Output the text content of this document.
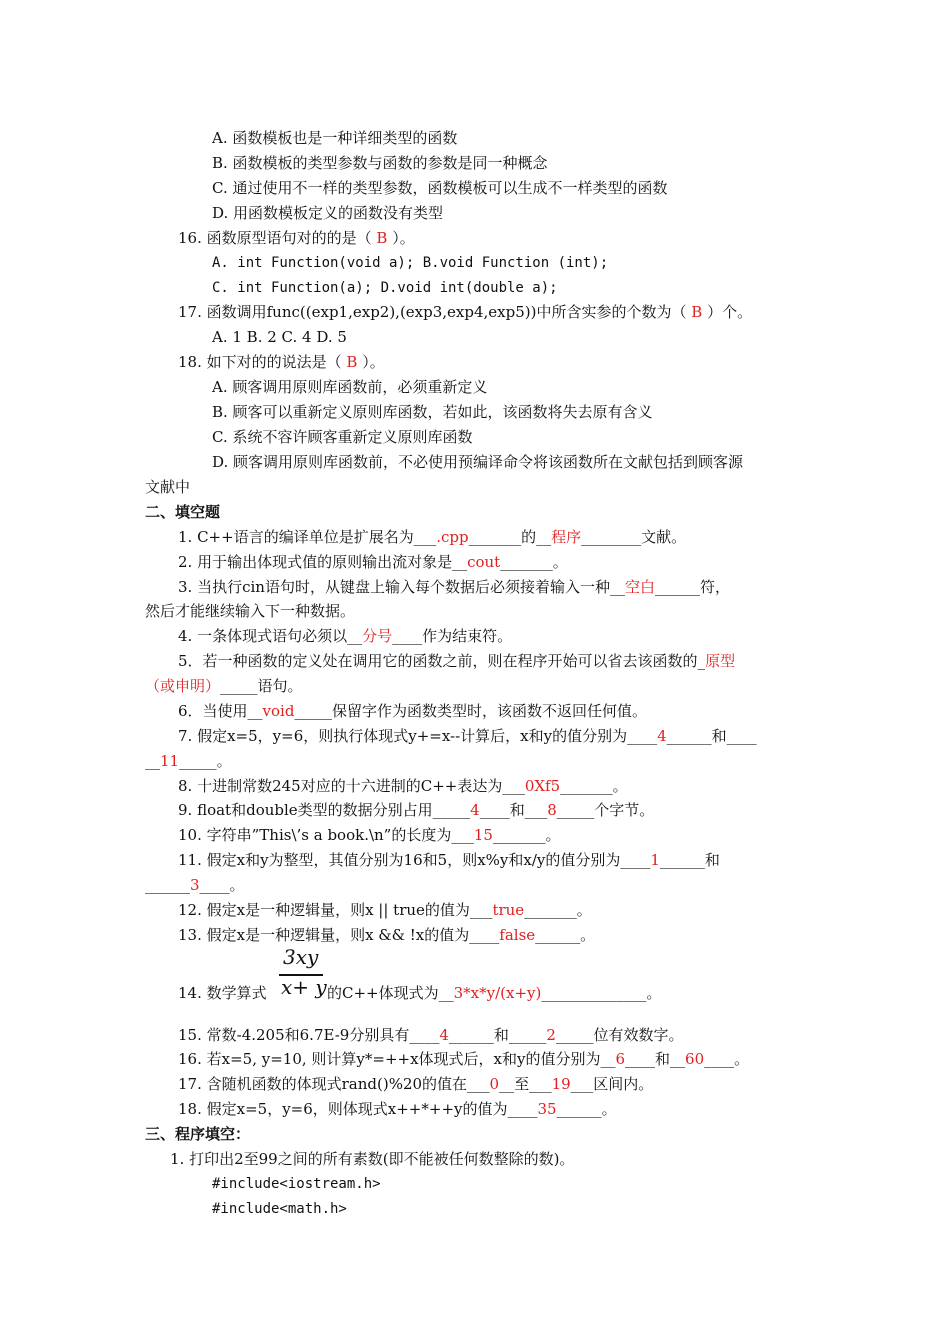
A. 函数模板也是一种详细类型的函数
B. 函数模板的类型参数与函数的参数是同一种概念
C. 通过使用不一样的类型参数，函数模板可以生成不一样类型的函数
D. 用函数模板定义的函数没有类型
16. 函数原型语句对的的是（ B ）。
A. int Function(void a); B.void Function (int);
C. int Function(a); D.void int(double a);
17. 函数调用func((exp1,exp2),(exp3,exp4,exp5))中所含实参的个数为（ B ）个。
A. 1 B. 2 C. 4 D. 5
18. 如下对的的说法是（ B ）。
A. 顾客调用原则库函数前，必须重新定义
B. 顾客可以重新定义原则库函数，若如此，该函数将失去原有含义
C. 系统不容许顾客重新定义原则库函数
D. 顾客调用原则库函数前，不必使用预编译命令将该函数所在文献包括到顾客源
文献中
二、填空题
1. C++语言的编译单位是扩展名为___.cpp_______的__程序________文献。
2. 用于输出体现式值的原则输出流对象是__cout_______。
3. 当执行cin语句时，从键盘上输入每个数据后必须接着输入一种__空白______符，
然后才能继续输入下一种数据。
4. 一条体现式语句必须以__分号____作为结束符。
5．若一种函数的定义处在调用它的函数之前，则在程序开始可以省去该函数的_原型
（或申明）_____语句。
6．当使用__void_____保留字作为函数类型时，该函数不返回任何值。
7. 假定x=5，y=6，则执行体现式y+=x--计算后，x和y的值分别为____4______和____
__11_____。
8. 十进制常数245对应的十六进制的C++表达为___0Xf5_______。
9. float和double类型的数据分别占用_____4____和___8_____个字节。
10. 字符串”This\’s a book.\n”的长度为___15_______。
11. 假定x和y为整型，其值分别为16和5，则x%y和x/y的值分别为____1______和
______3____。
12. 假定x是一种逻辑量，则x || true的值为___true_______。
13. 假定x是一种逻辑量，则x && !x的值为____false______。
14. 数学算式
3xy
x+ y 的C++体现式为__3*x*y/(x+y)______________。
15. 常数-4.205和6.7E-9分别具有____4______和_____2_____位有效数字。
16. 若x=5, y=10, 则计算y*=++x体现式后，x和y的值分别为__6____和__60____。
17. 含随机函数的体现式rand()%20的值在___0__至___19___区间内。
18. 假定x=5，y=6，则体现式x++*++y的值为____35______。
三、程序填空：
1. 打印出2至99之间的所有素数(即不能被任何数整除的数)。
#include<iostream.h>
#include<math.h>
